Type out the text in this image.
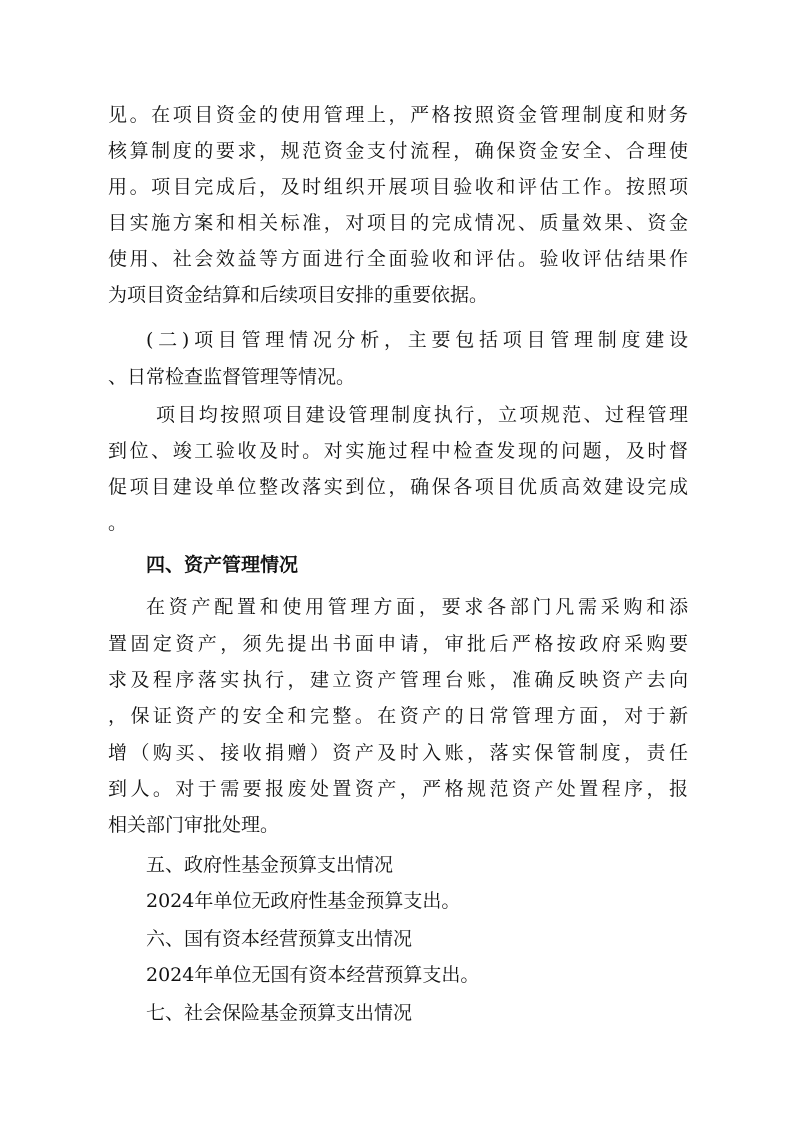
见。在项目资金的使用管理上，严格按照资金管理制度和财务
核算制度的要求，规范资金支付流程，确保资金安全、合理使
用。项目完成后，及时组织开展项目验收和评估工作。按照项
目实施方案和相关标准，对项目的完成情况、质量效果、资金
使用、社会效益等方面进行全面验收和评估。验收评估结果作
为项目资金结算和后续项目安排的重要依据。
(二)项目管理情况分析，主要包括项目管理制度建设
、日常检查监督管理等情况。
项目均按照项目建设管理制度执行，立项规范、过程管理
到位、竣工验收及时。对实施过程中检查发现的问题，及时督
促项目建设单位整改落实到位，确保各项目优质高效建设完成
。
四、资产管理情况
在资产配置和使用管理方面，要求各部门凡需采购和添
置固定资产，须先提出书面申请，审批后严格按政府采购要
求及程序落实执行，建立资产管理台账，准确反映资产去向
，保证资产的安全和完整。在资产的日常管理方面，对于新
增（购买、接收捐赠）资产及时入账，落实保管制度，责任
到人。对于需要报废处置资产，严格规范资产处置程序，报
相关部门审批处理。
五、政府性基金预算支出情况
2024年单位无政府性基金预算支出。
六、国有资本经营预算支出情况
2024年单位无国有资本经营预算支出。
七、社会保险基金预算支出情况
